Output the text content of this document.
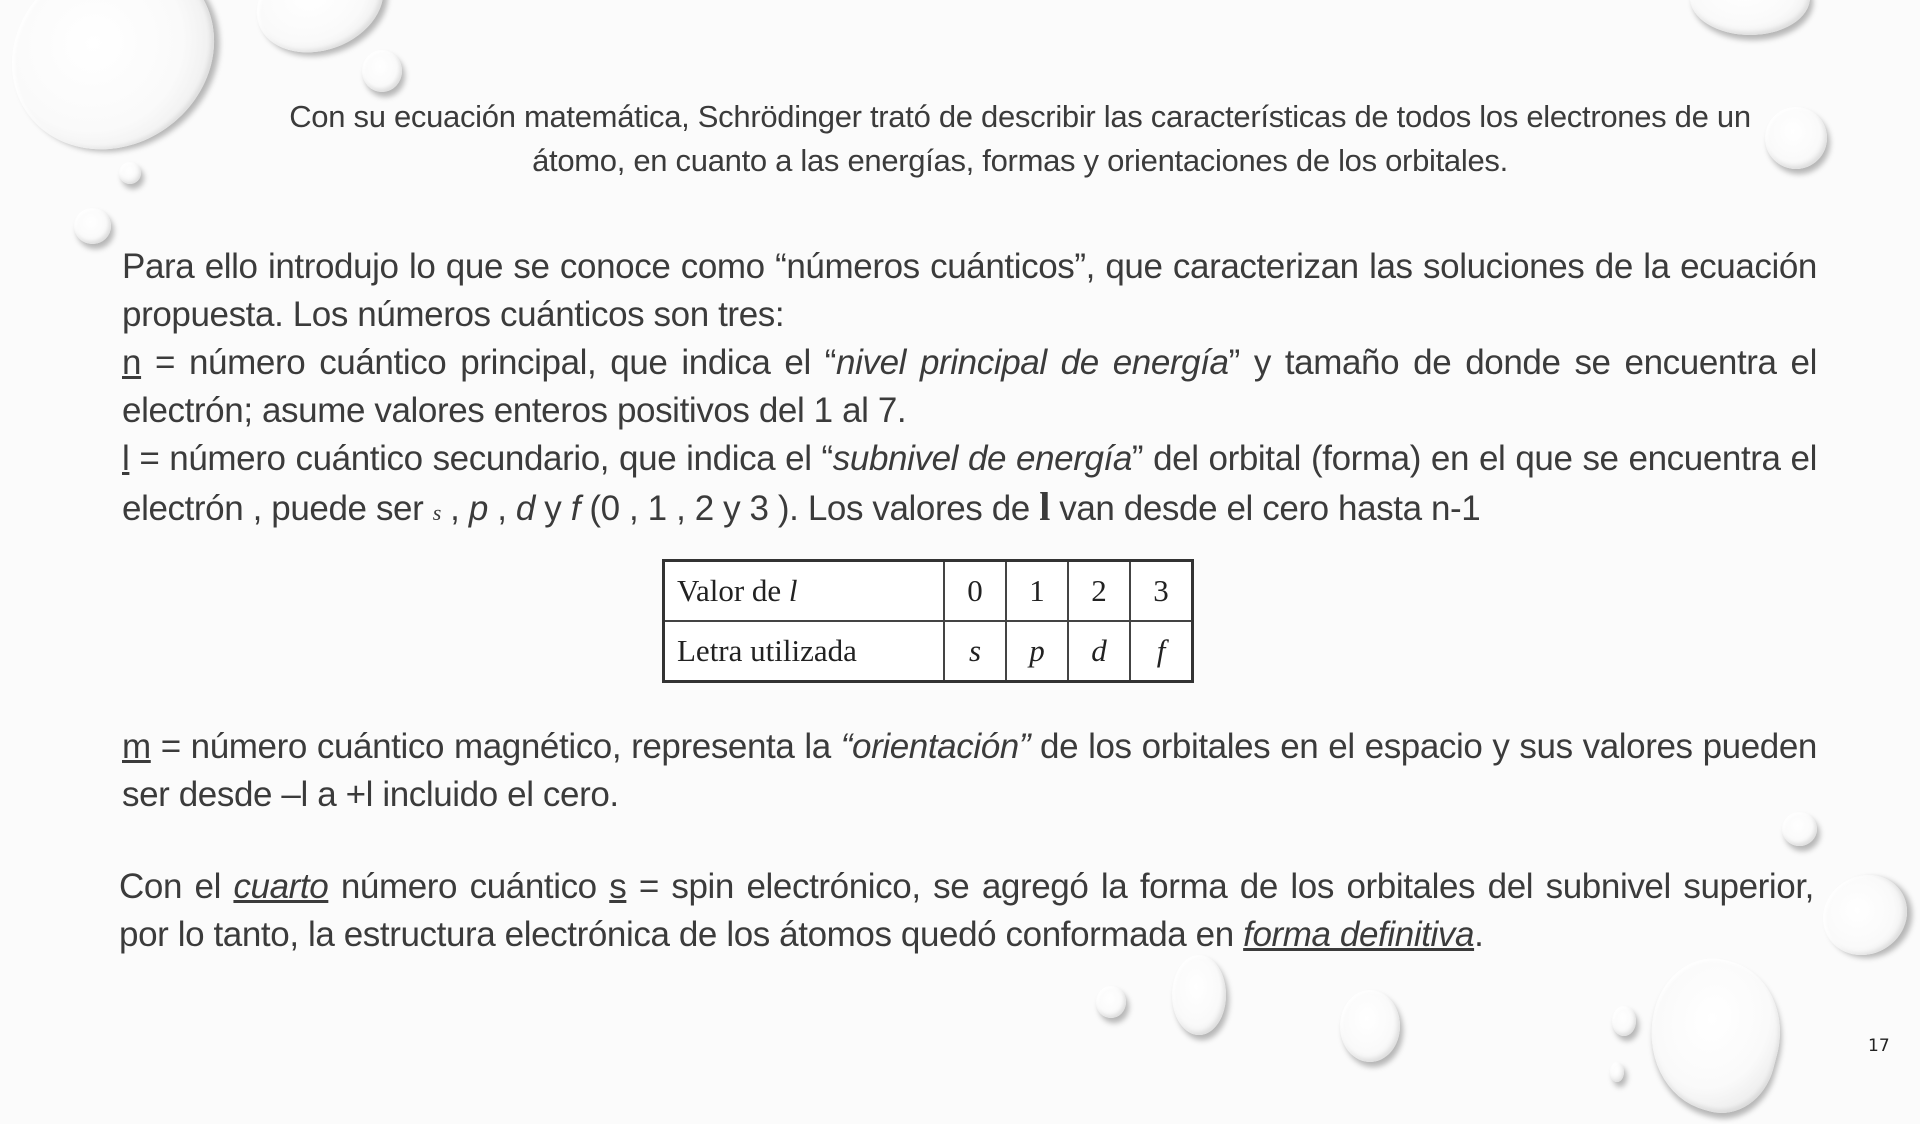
Con su ecuación matemática, Schrödinger trató de describir las características de todos los electrones de un átomo, en cuanto a las energías, formas y orientaciones de los orbitales.

Para ello introdujo lo que se conoce como “números cuánticos”, que caracterizan las soluciones de la ecuación propuesta. Los números cuánticos son tres:

n = número cuántico principal, que indica el “nivel principal de energía” y tamaño de donde se encuentra el electrón; asume valores enteros positivos del 1 al 7.

l = número cuántico secundario, que indica el “subnivel de energía” del orbital (forma) en el que se encuentra el electrón , puede ser s , p , d y f (0 , 1 , 2 y 3 ). Los valores de l van desde el cero hasta n-1

Valor de l	0	1	2	3
Letra utilizada	s	p	d	f

m = número cuántico magnético, representa la “orientación” de los orbitales en el espacio y sus valores pueden ser desde –l a +l incluido el cero.

Con el cuarto número cuántico s = spin electrónico, se agregó la forma de los orbitales del subnivel superior, por lo tanto, la estructura electrónica de los átomos quedó conformada en forma definitiva.

17
